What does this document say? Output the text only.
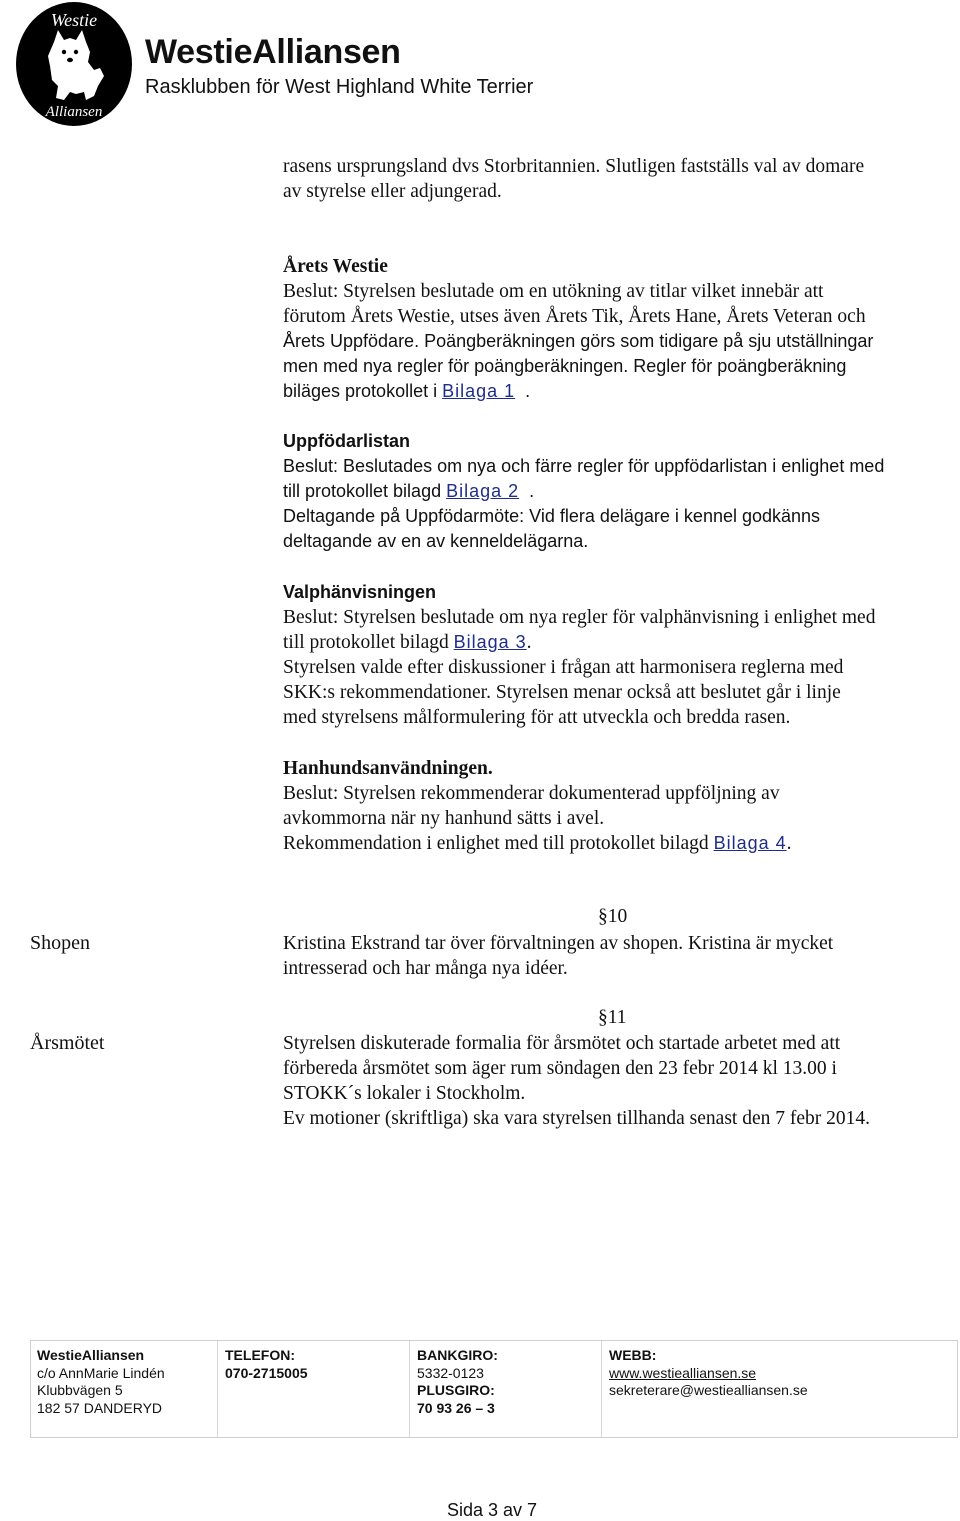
Westie
Alliansen
WestieAlliansen
Rasklubben för West Highland White Terrier
rasens ursprungsland dvs Storbritannien. Slutligen fastställs val av domare
av styrelse eller adjungerad.
Årets Westie
Beslut: Styrelsen beslutade om en utökning av titlar vilket innebär att
förutom Årets Westie, utses även Årets Tik, Årets Hane, Årets Veteran och
Årets Uppfödare. Poängberäkningen görs som tidigare på sju utställningar
men med nya regler för poängberäkningen. Regler för poängberäkning
biläges protokollet i Bilaga 1 .
Uppfödarlistan
Beslut: Beslutades om nya och färre regler för uppfödarlistan i enlighet med
till protokollet bilagd Bilaga 2 .
Deltagande på Uppfödarmöte: Vid flera delägare i kennel godkänns
deltagande av en av kenneldelägarna.
Valphänvisningen
Beslut: Styrelsen beslutade om nya regler för valphänvisning i enlighet med
till protokollet bilagd Bilaga 3.
Styrelsen valde efter diskussioner i frågan att harmonisera reglerna med
SKK:s rekommendationer. Styrelsen menar också att beslutet går i linje
med styrelsens målformulering för att utveckla och bredda rasen.
Hanhundsanvändningen.
Beslut: Styrelsen rekommenderar dokumenterad uppföljning av
avkommorna när ny hanhund sätts i avel.
Rekommendation i enlighet med till protokollet bilagd Bilaga 4.
§10
Shopen	Kristina Ekstrand tar över förvaltningen av shopen. Kristina är mycket
intresserad och har många nya idéer.
§11
Årsmötet	Styrelsen diskuterade formalia för årsmötet och startade arbetet med att
förbereda årsmötet som äger rum söndagen den 23 febr 2014 kl 13.00 i
STOKK´s lokaler i Stockholm.
Ev motioner (skriftliga) ska vara styrelsen tillhanda senast den 7 febr 2014.
WestieAlliansen
c/o AnnMarie Lindén
Klubbvägen 5
182 57 DANDERYD
TELEFON:
070-2715005
BANKGIRO:
5332-0123
PLUSGIRO:
70 93 26 – 3
WEBB:
www.westiealliansen.se
sekreterare@westiealliansen.se
Sida 3 av 7
